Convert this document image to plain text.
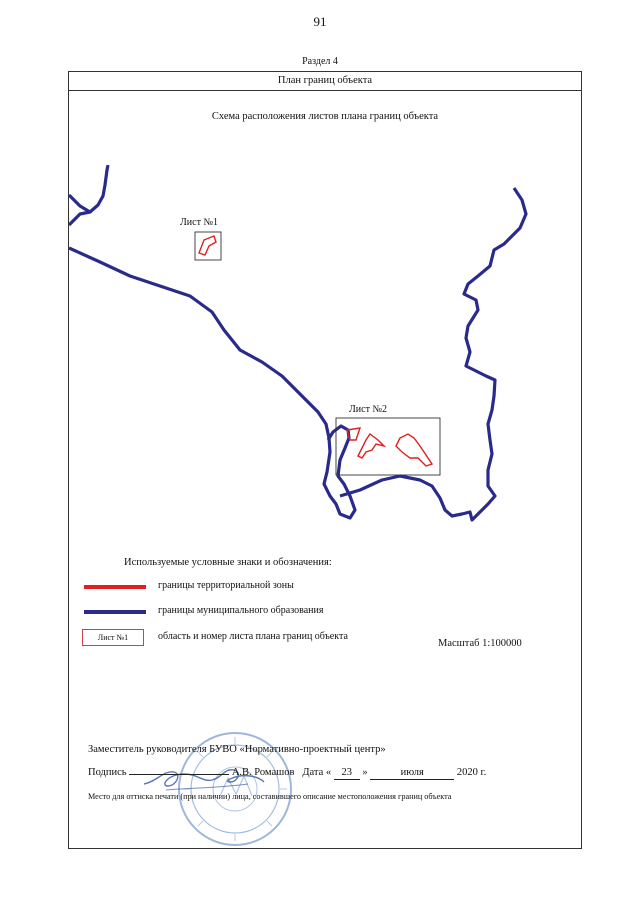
91
Раздел 4
План границ объекта
Схема расположения листов плана границ объекта
Лист №1
Лист №2
Используемые условные знаки и обозначения:
границы территориальной зоны
границы муниципального образования
Лист №1	область и номер листа плана границ объекта
Масштаб 1:100000
Заместитель руководителя БУВО «Нормативно-проектный центр»
Подпись	А.В. Ромашов Дата « 23 »	июля	2020 г.
Место для оттиска печати (при наличии) лица, составившего описание местоположения границ объекта
